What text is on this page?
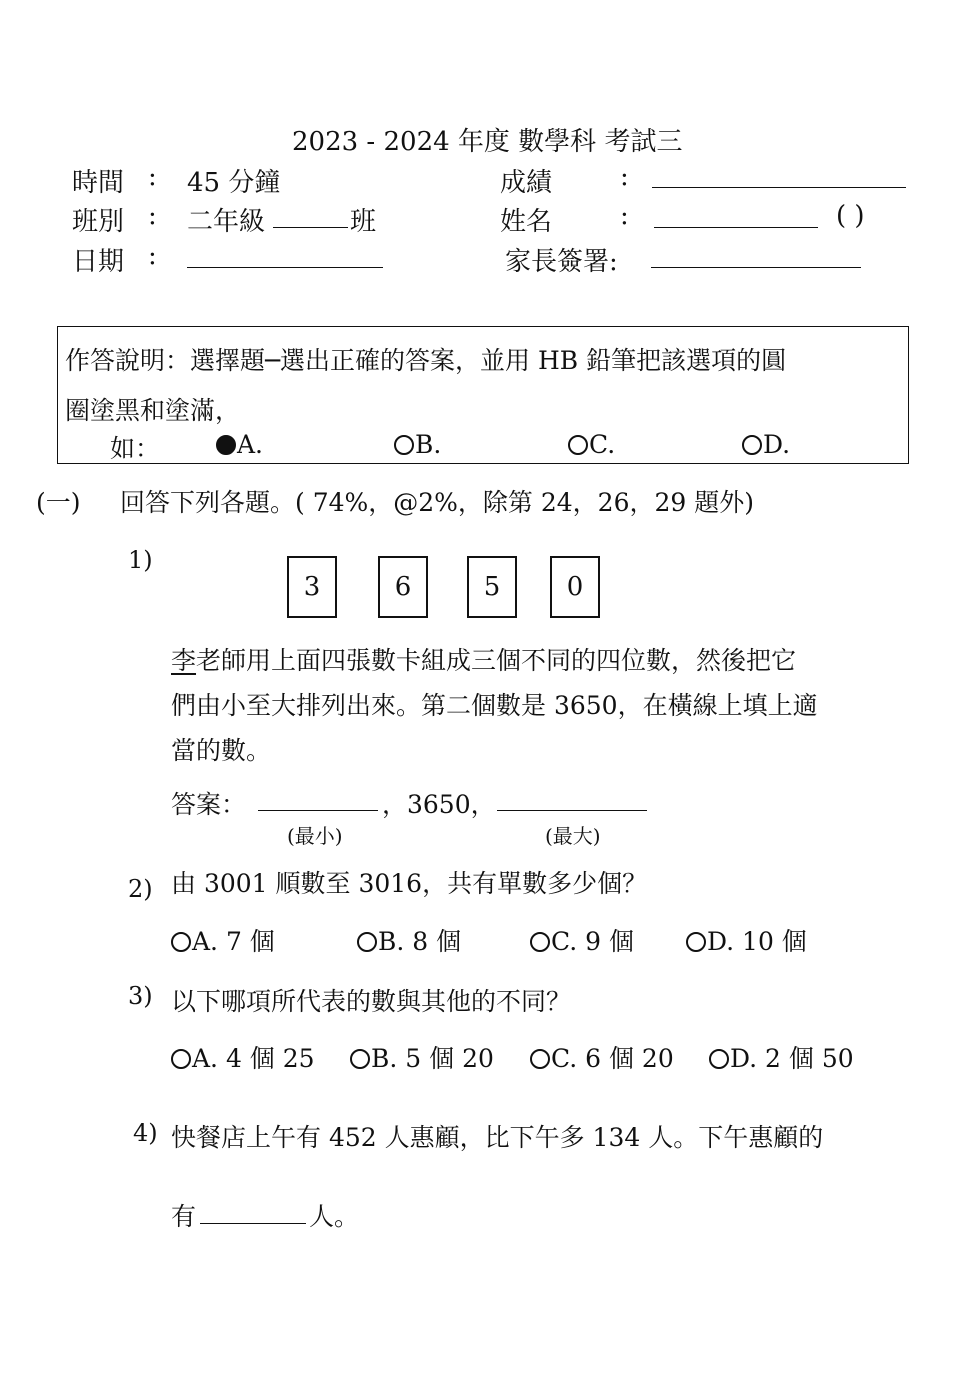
2023 - 2024 年度 數學科 考試三
時間 : 45 分鐘	成績	:
班別 : 二年級	班	姓名	:	( )
日期 :	家長簽署:
作答說明：選擇題─選出正確的答案，並用 HB 鉛筆把該選項的圓
圈塗黑和塗滿，
如：	A.	B.	C.	D.
(一) 回答下列各題。( 74%，@2%，除第 24，26，29 題外)
1)
3	6	5	0
李老師用上面四張數卡組成三個不同的四位數，然後把它
們由小至大排列出來。第二個數是 3650，在橫線上填上適
當的數。
答案：	，3650，
(最小)	(最大)
2) 由 3001 順數至 3016，共有單數多少個？
A. 7 個	B. 8 個	C. 9 個	D. 10 個
3) 以下哪項所代表的數與其他的不同？
A. 4 個 25	B. 5 個 20	C. 6 個 20	D. 2 個 50
4) 快餐店上午有 452 人惠顧，比下午多 134 人。下午惠顧的
有	人。
